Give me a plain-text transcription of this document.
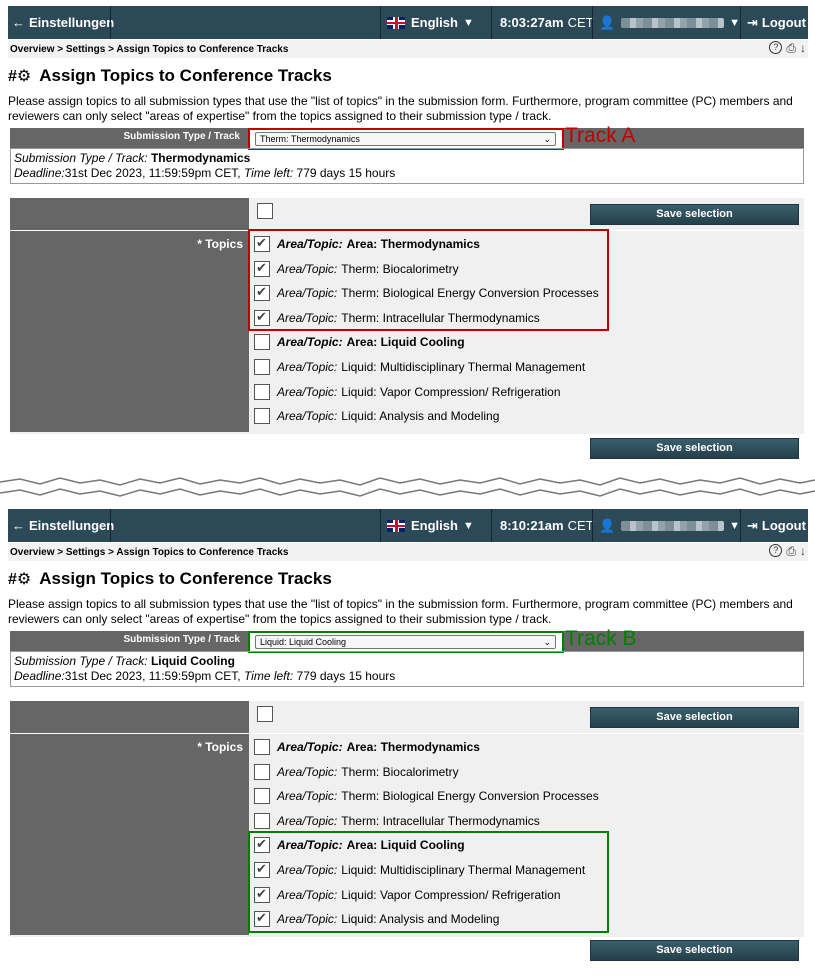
← Einstellungen	English ▼ 8:03:27am CET 👤	▼ ⇥ Logout
Overview > Settings > Assign Topics to Conference Tracks	? ⎙ ↓
#⚙ Assign Topics to Conference Tracks
Please assign topics to all submission types that use the "list of topics" in the submission form. Furthermore, program committee (PC) members and reviewers can only select "areas of expertise" from the topics assigned to their submission type / track.
Submission Type / Track	Therm: Thermodynamics	⌄ Track A
Submission Type / Track: Thermodynamics
Deadline:31st Dec 2023, 11:59:59pm CET, Time left: 779 days 15 hours
* Topics
Save selection
✔
Area/Topic: Area: Thermodynamics
✔
Area/Topic: Therm: Biocalorimetry
✔
Area/Topic: Therm: Biological Energy Conversion Processes
✔
Area/Topic: Therm: Intracellular Thermodynamics
Area/Topic: Area: Liquid Cooling
Area/Topic: Liquid: Multidisciplinary Thermal Management
Area/Topic: Liquid: Vapor Compression/ Refrigeration
Area/Topic: Liquid: Analysis and Modeling
Save selection
← Einstellungen	English ▼ 8:10:21am CET 👤	▼ ⇥ Logout
Overview > Settings > Assign Topics to Conference Tracks	? ⎙ ↓
#⚙ Assign Topics to Conference Tracks
Please assign topics to all submission types that use the "list of topics" in the submission form. Furthermore, program committee (PC) members and reviewers can only select "areas of expertise" from the topics assigned to their submission type / track.
Submission Type / Track	Liquid: Liquid Cooling	⌄ Track B
Submission Type / Track: Liquid Cooling
Deadline:31st Dec 2023, 11:59:59pm CET, Time left: 779 days 15 hours
* Topics
Save selection
Area/Topic: Area: Thermodynamics
Area/Topic: Therm: Biocalorimetry
Area/Topic: Therm: Biological Energy Conversion Processes
Area/Topic: Therm: Intracellular Thermodynamics
✔
Area/Topic: Area: Liquid Cooling
✔
Area/Topic: Liquid: Multidisciplinary Thermal Management
✔
Area/Topic: Liquid: Vapor Compression/ Refrigeration
✔
Area/Topic: Liquid: Analysis and Modeling
Save selection
